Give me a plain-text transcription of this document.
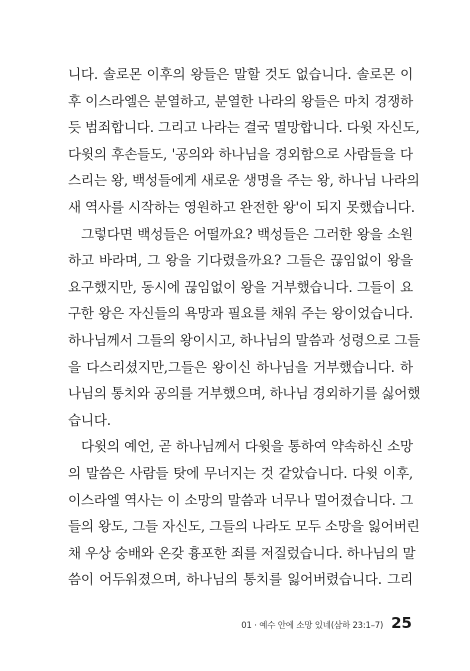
니다. 솔로몬 이후의 왕들은 말할 것도 없습니다. 솔로몬 이
후 이스라엘은 분열하고, 분열한 나라의 왕들은 마치 경쟁하
듯 범죄합니다. 그리고 나라는 결국 멸망합니다. 다윗 자신도,
다윗의 후손들도, '공의와 하나님을 경외함으로 사람들을 다
스리는 왕, 백성들에게 새로운 생명을 주는 왕, 하나님 나라의
새 역사를 시작하는 영원하고 완전한 왕'이 되지 못했습니다.
그렇다면 백성들은 어떨까요? 백성들은 그러한 왕을 소원
하고 바라며, 그 왕을 기다렸을까요? 그들은 끊임없이 왕을
요구했지만, 동시에 끊임없이 왕을 거부했습니다. 그들이 요
구한 왕은 자신들의 욕망과 필요를 채워 주는 왕이었습니다.
하나님께서 그들의 왕이시고, 하나님의 말씀과 성령으로 그들
을 다스리셨지만,그들은 왕이신 하나님을 거부했습니다. 하
나님의 통치와 공의를 거부했으며, 하나님 경외하기를 싫어했
습니다.
다윗의 예언, 곧 하나님께서 다윗을 통하여 약속하신 소망
의 말씀은 사람들 탓에 무너지는 것 같았습니다. 다윗 이후,
이스라엘 역사는 이 소망의 말씀과 너무나 멀어졌습니다. 그
들의 왕도, 그들 자신도, 그들의 나라도 모두 소망을 잃어버린
채 우상 숭배와 온갖 흉포한 죄를 저질렀습니다. 하나님의 말
씀이 어두워졌으며, 하나님의 통치를 잃어버렸습니다. 그리
01 · 예수 안에 소망 있네(삼하 23:1–7) 25
